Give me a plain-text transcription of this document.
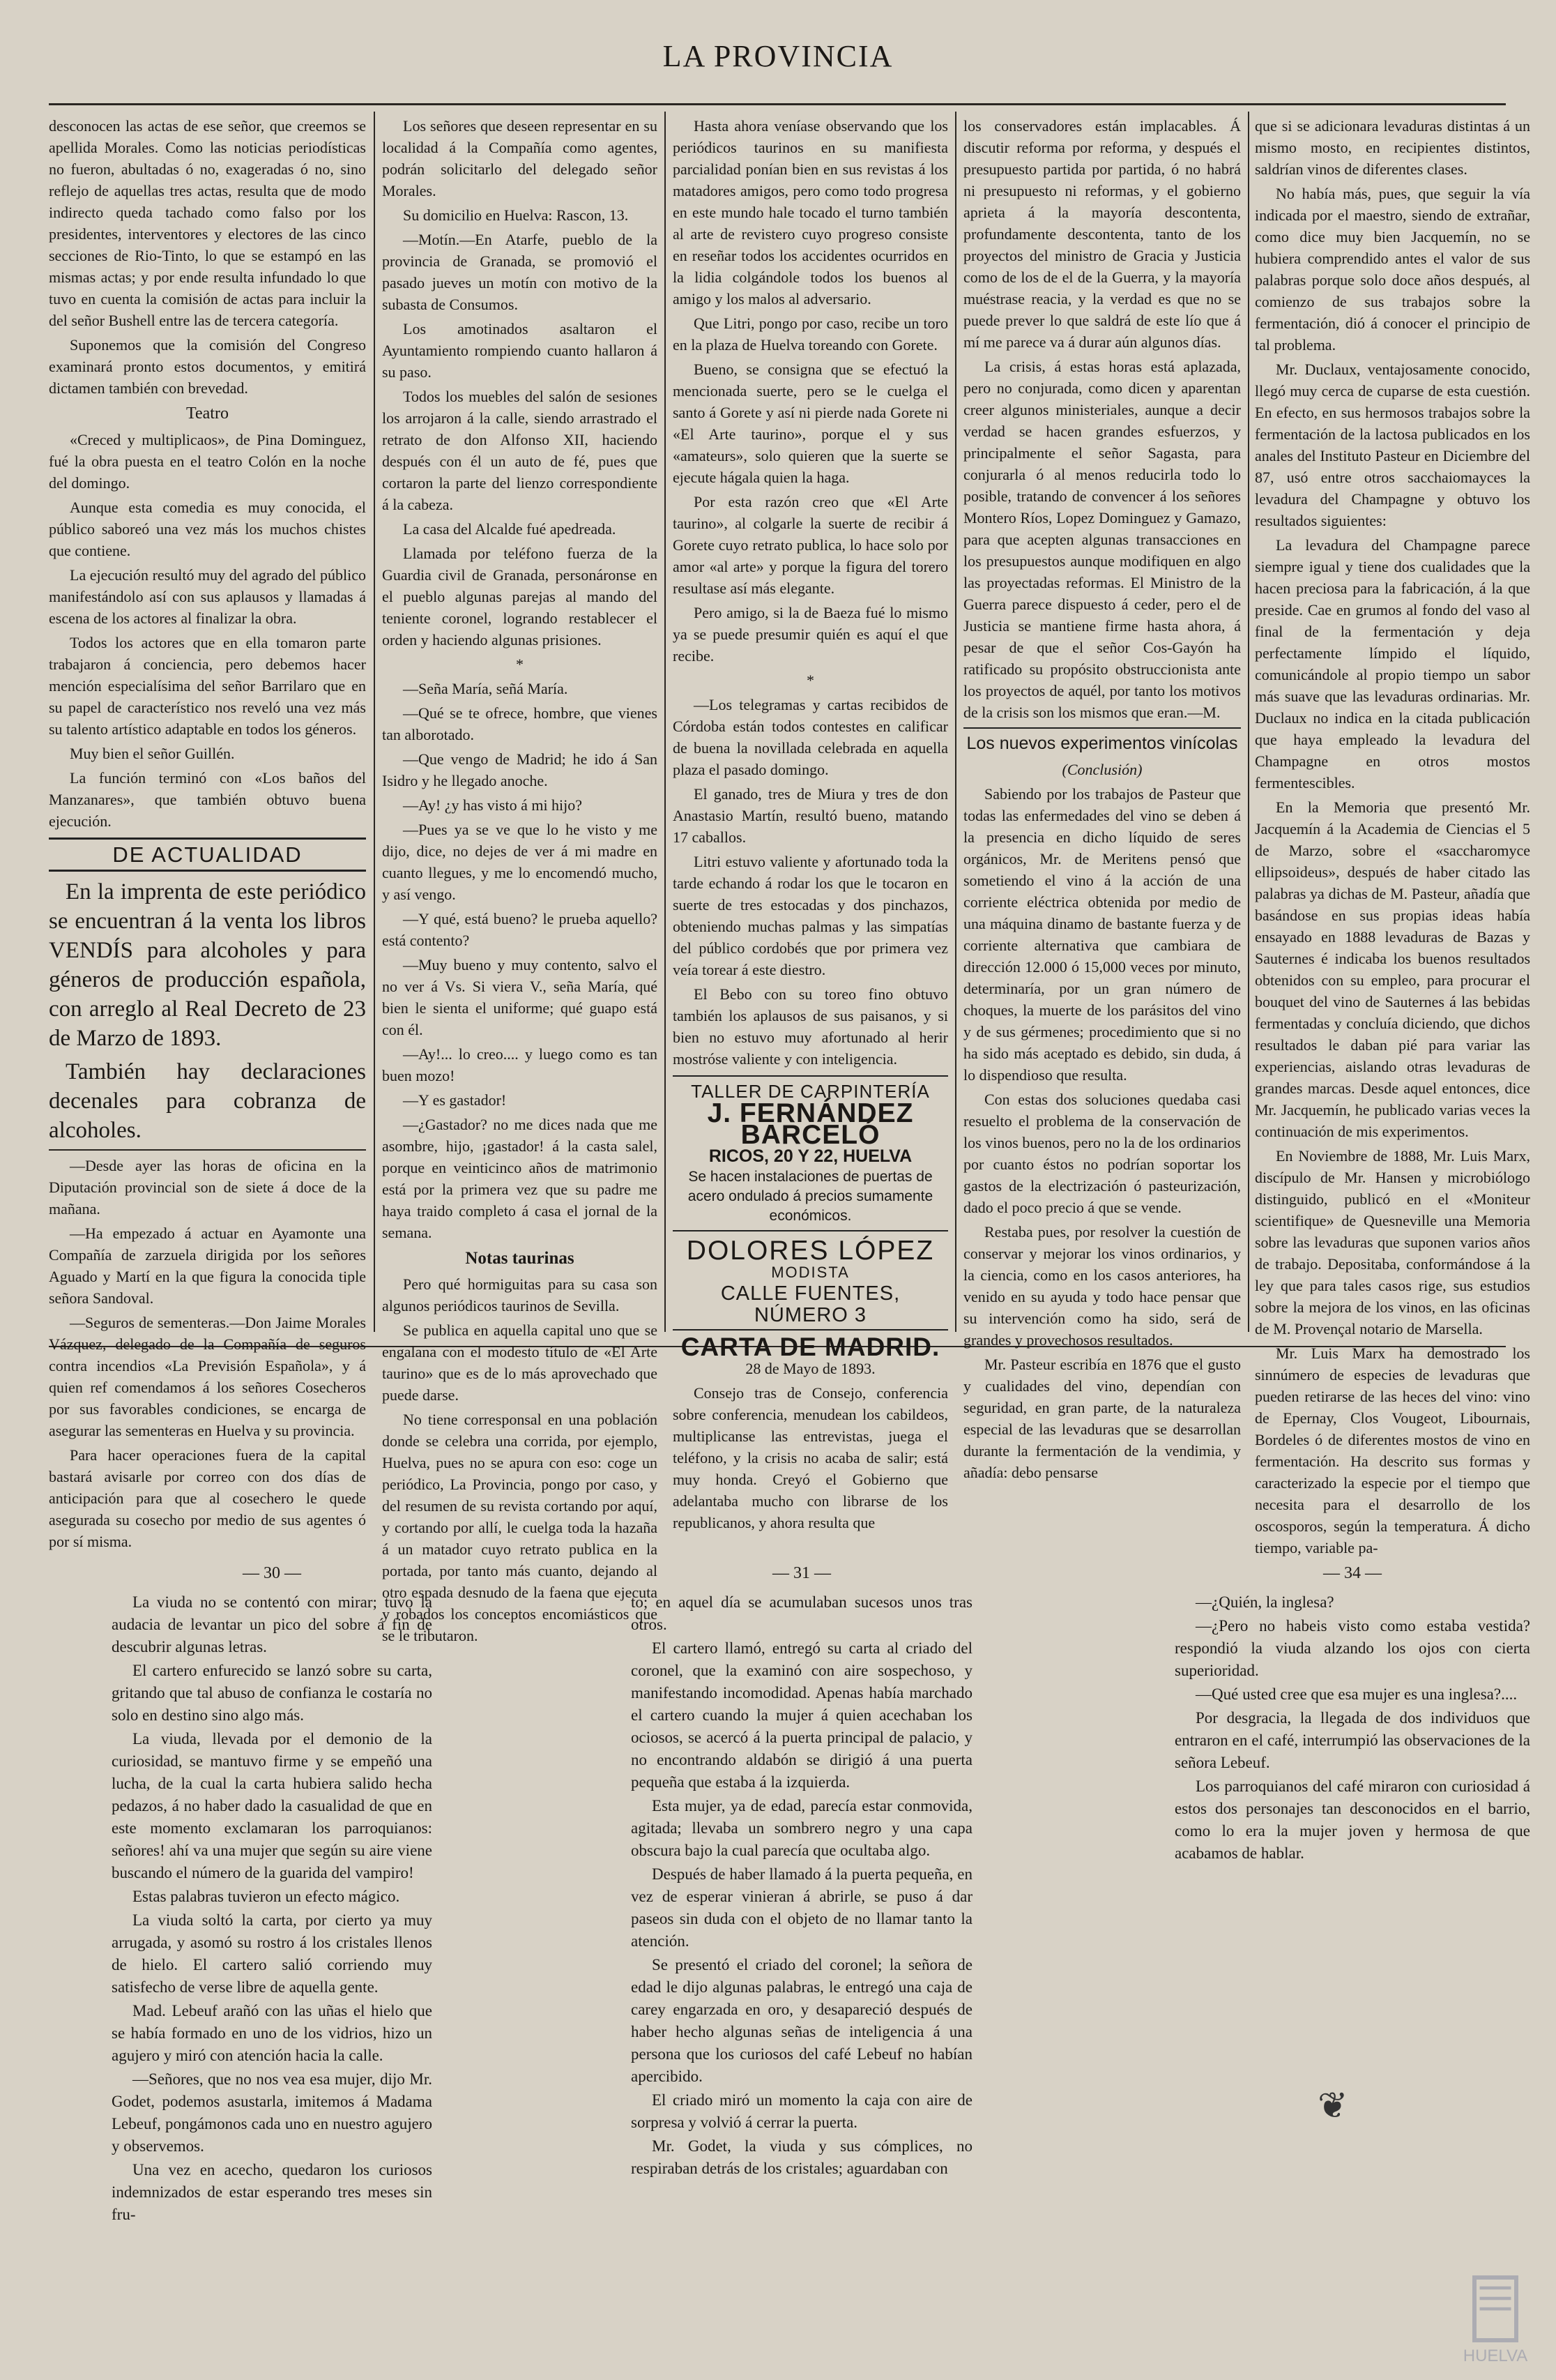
LA PROVINCIA

desconocen las actas de ese señor, que creemos se apellida Morales. Como las noticias periodísticas no fueron, abultadas ó no, exageradas ó no, sino reflejo de aquellas tres actas, resulta que de modo indirecto queda tachado como falso por los presidentes, interventores y electores de las cinco secciones de Rio-Tinto, lo que se estampó en las mismas actas; y por ende resulta infundado lo que tuvo en cuenta la comisión de actas para incluir la del señor Bushell entre las de tercera categoría.

Suponemos que la comisión del Congreso examinará pronto estos documentos, y emitirá dictamen también con brevedad.

Teatro

«Creced y multiplicaos», de Pina Dominguez, fué la obra puesta en el teatro Colón en la noche del domingo.

Aunque esta comedia es muy conocida, el público saboreó una vez más los muchos chistes que contiene.

La ejecución resultó muy del agrado del público manifestándolo así con sus aplausos y llamadas á escena de los actores al finalizar la obra.

Todos los actores que en ella tomaron parte trabajaron á conciencia, pero debemos hacer mención especialísima del señor Barrilaro que en su papel de característico nos reveló una vez más su talento artístico adaptable en todos los géneros.

Muy bien el señor Guillén.

La función terminó con «Los baños del Manzanares», que también obtuvo buena ejecución.

DE ACTUALIDAD

En la imprenta de este periódico se encuentran á la venta los libros VENDÍS para alcoholes y para géneros de producción española, con arreglo al Real Decreto de 23 de Marzo de 1893.

También hay declaraciones decenales para cobranza de alcoholes.

—Desde ayer las horas de oficina en la Diputación provincial son de siete á doce de la mañana.

—Ha empezado á actuar en Ayamonte una Compañía de zarzuela dirigida por los señores Aguado y Martí en la que figura la conocida tiple señora Sandoval.

—Seguros de sementeras.—Don Jaime Morales Vázquez, delegado de la Compañía de seguros contra incendios «La Previsión Española», y á quien ref comendamos á los señores Cosecheros por sus favorables condiciones, se encarga de asegurar las sementeras en Huelva y su provincia.

Para hacer operaciones fuera de la capital bastará avisarle por correo con dos días de anticipación para que al cosechero le quede asegurada su cosecho por medio de sus agentes ó por sí misma.

Los señores que deseen representar en su localidad á la Compañía como agentes, podrán solicitarlo del delegado señor Morales.

Su domicilio en Huelva: Rascon, 13.

—Motín.—En Atarfe, pueblo de la provincia de Granada, se promovió el pasado jueves un motín con motivo de la subasta de Consumos.

Los amotinados asaltaron el Ayuntamiento rompiendo cuanto hallaron á su paso.

Todos los muebles del salón de sesiones los arrojaron á la calle, siendo arrastrado el retrato de don Alfonso XII, haciendo después con él un auto de fé, pues que cortaron la parte del lienzo correspondiente á la cabeza.

La casa del Alcalde fué apedreada.

Llamada por teléfono fuerza de la Guardia civil de Granada, personáronse en el pueblo algunas parejas al mando del teniente coronel, logrando restablecer el orden y haciendo algunas prisiones.

*

—Seña María, señá María.

—Qué se te ofrece, hombre, que vienes tan alborotado.

—Que vengo de Madrid; he ido á San Isidro y he llegado anoche.

—Ay! ¿y has visto á mi hijo?

—Pues ya se ve que lo he visto y me dijo, dice, no dejes de ver á mi madre en cuanto llegues, y me lo encomendó mucho, y así vengo.

—Y qué, está bueno? le prueba aquello? está contento?

—Muy bueno y muy contento, salvo el no ver á Vs. Si viera V., seña María, qué bien le sienta el uniforme; qué guapo está con él.

—Ay!... lo creo.... y luego como es tan buen mozo!

—Y es gastador!

—¿Gastador? no me dices nada que me asombre, hijo, ¡gastador! á la casta salel, porque en veinticinco años de matrimonio está por la primera vez que su padre me haya traido completo á casa el jornal de la semana.

Notas taurinas

Pero qué hormiguitas para su casa son algunos periódicos taurinos de Sevilla.

Se publica en aquella capital uno que se engalana con el modesto título de «El Arte taurino» que es de lo más aprovechado que puede darse.

No tiene corresponsal en una población donde se celebra una corrida, por ejemplo, Huelva, pues no se apura con eso: coge un periódico, La Provincia, pongo por caso, y del resumen de su revista cortando por aquí, y cortando por allí, le cuelga toda la hazaña á un matador cuyo retrato publica en la portada, por tanto más cuanto, dejando al otro espada desnudo de la faena que ejecuta y robados los conceptos encomiásticos que se le tributaron.

Hasta ahora veníase observando que los periódicos taurinos en su manifiesta parcialidad ponían bien en sus revistas á los matadores amigos, pero como todo progresa en este mundo hale tocado el turno también al arte de revistero cuyo progreso consiste en reseñar todos los accidentes ocurridos en la lidia colgándole todos los buenos al amigo y los malos al adversario.

Que Litri, pongo por caso, recibe un toro en la plaza de Huelva toreando con Gorete.

Bueno, se consigna que se efectuó la mencionada suerte, pero se le cuelga el santo á Gorete y así ni pierde nada Gorete ni «El Arte taurino», porque el y sus «amateurs», solo quieren que la suerte se ejecute hágala quien la haga.

Por esta razón creo que «El Arte taurino», al colgarle la suerte de recibir á Gorete cuyo retrato publica, lo hace solo por amor «al arte» y porque la figura del torero resultase así más elegante.

Pero amigo, si la de Baeza fué lo mismo ya se puede presumir quién es aquí el que recibe.

*

—Los telegramas y cartas recibidos de Córdoba están todos contestes en calificar de buena la novillada celebrada en aquella plaza el pasado domingo.

El ganado, tres de Miura y tres de don Anastasio Martín, resultó bueno, matando 17 caballos.

Litri estuvo valiente y afortunado toda la tarde echando á rodar los que le tocaron en suerte de tres estocadas y dos pinchazos, obteniendo muchas palmas y las simpatías del público cordobés que por primera vez veía torear á este diestro.

El Bebo con su toreo fino obtuvo también los aplausos de sus paisanos, y si bien no estuvo muy afortunado al herir mostróse valiente y con inteligencia.

TALLER DE CARPINTERÍA
J. FERNÁNDEZ BARCELÓ
RICOS, 20 Y 22, HUELVA
Se hacen instalaciones de puertas de acero ondulado á precios sumamente económicos.
DOLORES LÓPEZ
MODISTA
CALLE FUENTES, NÚMERO 3
CARTA DE MADRID.

28 de Mayo de 1893.

Consejo tras de Consejo, conferencia sobre conferencia, menudean los cabildeos, multiplicanse las entrevistas, juega el teléfono, y la crisis no acaba de salir; está muy honda. Creyó el Gobierno que adelantaba mucho con librarse de los republicanos, y ahora resulta que

los conservadores están implacables. Á discutir reforma por reforma, y después el presupuesto partida por partida, ó no habrá ni presupuesto ni reformas, y el gobierno aprieta á la mayoría descontenta, profundamente descontenta, tanto de los proyectos del ministro de Gracia y Justicia como de los de el de la Guerra, y la mayoría muéstrase reacia, y la verdad es que no se puede prever lo que saldrá de este lío que á mí me parece va á durar aún algunos días.

La crisis, á estas horas está aplazada, pero no conjurada, como dicen y aparentan creer algunos ministeriales, aunque a decir verdad se hacen grandes esfuerzos, y principalmente el señor Sagasta, para conjurarla ó al menos reducirla todo lo posible, tratando de convencer á los señores Montero Ríos, Lopez Dominguez y Gamazo, para que acepten algunas transacciones en los presupuestos aunque modifiquen en algo las proyectadas reformas. El Ministro de la Guerra parece dispuesto á ceder, pero el de Justicia se mantiene firme hasta ahora, á pesar de que el señor Cos-Gayón ha ratificado su propósito obstruccionista ante los proyectos de aquél, por tanto los motivos de la crisis son los mismos que eran.—M.

Los nuevos experimentos vinícolas

(Conclusión)

Sabiendo por los trabajos de Pasteur que todas las enfermedades del vino se deben á la presencia en dicho líquido de seres orgánicos, Mr. de Meritens pensó que sometiendo el vino á la acción de una corriente eléctrica obtenida por medio de una máquina dinamo de bastante fuerza y de corriente alternativa que cambiara de dirección 12.000 ó 15,000 veces por minuto, determinaría, por un gran número de choques, la muerte de los parásitos del vino y de sus gérmenes; procedimiento que si no ha sido más aceptado es debido, sin duda, á lo dispendioso que resulta.

Con estas dos soluciones quedaba casi resuelto el problema de la conservación de los vinos buenos, pero no la de los ordinarios por cuanto éstos no podrían soportar los gastos de la electrización ó pasteurización, dado el poco precio á que se vende.

Restaba pues, por resolver la cuestión de conservar y mejorar los vinos ordinarios, y la ciencia, como en los casos anteriores, ha venido en su ayuda y todo hace pensar que su intervención como ha sido, será de grandes y provechosos resultados.

Mr. Pasteur escribía en 1876 que el gusto y cualidades del vino, dependían con seguridad, en gran parte, de la naturaleza especial de las levaduras que se desarrollan durante la fermentación de la vendimia, y añadía: debo pensarse

que si se adicionara levaduras distintas á un mismo mosto, en recipientes distintos, saldrían vinos de diferentes clases.

No había más, pues, que seguir la vía indicada por el maestro, siendo de extrañar, como dice muy bien Jacquemín, no se hubiera comprendido antes el valor de sus palabras porque solo doce años después, al comienzo de sus trabajos sobre la fermentación, dió á conocer el principio de tal problema.

Mr. Duclaux, ventajosamente conocido, llegó muy cerca de cuparse de esta cuestión. En efecto, en sus hermosos trabajos sobre la fermentación de la lactosa publicados en los anales del Instituto Pasteur en Diciembre del 87, usó entre otros sacchaiomayces la levadura del Champagne y obtuvo los resultados siguientes:

La levadura del Champagne parece siempre igual y tiene dos cualidades que la hacen preciosa para la fabricación, á la que preside. Cae en grumos al fondo del vaso al final de la fermentación y deja perfectamente límpido el líquido, comunicándole al propio tiempo un sabor más suave que las levaduras ordinarias. Mr. Duclaux no indica en la citada publicación que haya empleado la levadura del Champagne en otros mostos fermentescibles.

En la Memoria que presentó Mr. Jacquemín á la Academia de Ciencias el 5 de Marzo, sobre el «saccharomyce ellipsoideus», después de haber citado las palabras ya dichas de M. Pasteur, añadía que basándose en sus propias ideas había ensayado en 1888 levaduras de Bazas y Sauternes é indicaba los buenos resultados obtenidos con su empleo, para procurar el bouquet del vino de Sauternes á las bebidas fermentadas y concluía diciendo, que dichos resultados le daban pié para variar las experiencias, aislando otras levaduras de grandes marcas. Desde aquel entonces, dice Mr. Jacquemín, he publicado varias veces la continuación de mis experimentos.

En Noviembre de 1888, Mr. Luis Marx, discípulo de Mr. Hansen y microbiólogo distinguido, publicó en el «Moniteur scientifique» de Quesneville una Memoria sobre las levaduras que suponen varios años de trabajo. Depositaba, conformándose á la ley que para tales casos rige, sus estudios sobre la mejora de los vinos, en las oficinas de M. Provençal notario de Marsella.

Mr. Luis Marx ha demostrado los sinnúmero de especies de levaduras que pueden retirarse de las heces del vino: vino de Epernay, Clos Vougeot, Libournais, Bordeles ó de diferentes mostos de vino en fermentación. Ha descrito sus formas y caracterizado la especie por el tiempo que necesita para el desarrollo de los oscosporos, según la temperatura. Á dicho tiempo, variable pa-

— 30 —

La viuda no se contentó con mirar; tuvo la audacia de levantar un pico del sobre á fin de descubrir algunas letras.

El cartero enfurecido se lanzó sobre su carta, gritando que tal abuso de confianza le costaría no solo en destino sino algo más.

La viuda, llevada por el demonio de la curiosidad, se mantuvo firme y se empeñó una lucha, de la cual la carta hubiera salido hecha pedazos, á no haber dado la casualidad de que en este momento exclamaran los parroquianos: señores! ahí va una mujer que según su aire viene buscando el número de la guarida del vampiro!

Estas palabras tuvieron un efecto mágico.

La viuda soltó la carta, por cierto ya muy arrugada, y asomó su rostro á los cristales llenos de hielo. El cartero salió corriendo muy satisfecho de verse libre de aquella gente.

Mad. Lebeuf arañó con las uñas el hielo que se había formado en uno de los vidrios, hizo un agujero y miró con atención hacia la calle.

—Señores, que no nos vea esa mujer, dijo Mr. Godet, podemos asustarla, imitemos á Madama Lebeuf, pongámonos cada uno en nuestro agujero y observemos.

Una vez en acecho, quedaron los curiosos indemnizados de estar esperando tres meses sin fru-

— 31 —

to; en aquel día se acumulaban sucesos unos tras otros.

El cartero llamó, entregó su carta al criado del coronel, que la examinó con aire sospechoso, y manifestando incomodidad. Apenas había marchado el cartero cuando la mujer á quien acechaban los ociosos, se acercó á la puerta principal de palacio, y no encontrando aldabón se dirigió á una puerta pequeña que estaba á la izquierda.

Esta mujer, ya de edad, parecía estar conmovida, agitada; llevaba un sombrero negro y una capa obscura bajo la cual parecía que ocultaba algo.

Después de haber llamado á la puerta pequeña, en vez de esperar vinieran á abrirle, se puso á dar paseos sin duda con el objeto de no llamar tanto la atención.

Se presentó el criado del coronel; la señora de edad le dijo algunas palabras, le entregó una caja de carey engarzada en oro, y desapareció después de haber hecho algunas señas de inteligencia á una persona que los curiosos del café Lebeuf no habían apercibido.

El criado miró un momento la caja con aire de sorpresa y volvió á cerrar la puerta.

Mr. Godet, la viuda y sus cómplices, no respiraban detrás de los cristales; aguardaban con

— 34 —

—¿Quién, la inglesa?

—¿Pero no habeis visto como estaba vestida? respondió la viuda alzando los ojos con cierta superioridad.

—Qué usted cree que esa mujer es una inglesa?....

Por desgracia, la llegada de dos individuos que entraron en el café, interrumpió las observaciones de la señora Lebeuf.

Los parroquianos del café miraron con curiosidad á estos dos personajes tan desconocidos en el barrio, como lo era la mujer joven y hermosa de que acabamos de hablar.

❦
HUELVA
